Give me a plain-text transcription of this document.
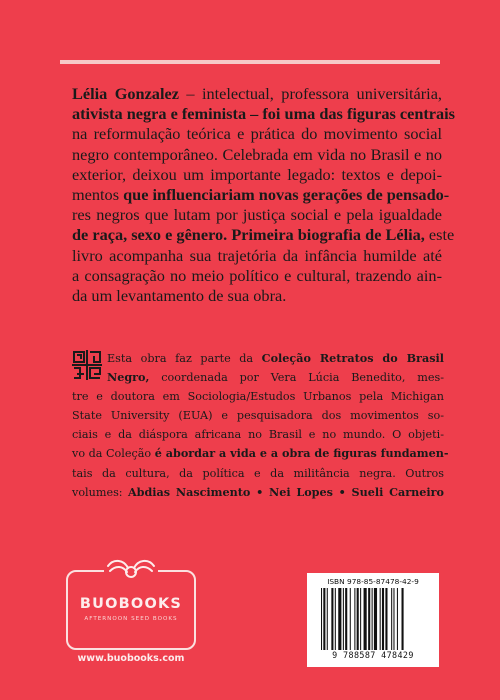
Lélia Gonzalez – intelectual, professora universitária,
ativista negra e feminista – foi uma das figuras centrais
na reformulação teórica e prática do movimento social
negro contemporâneo. Celebrada em vida no Brasil e no
exterior, deixou um importante legado: textos e depoi-
mentos que influenciariam novas gerações de pensado-
res negros que lutam por justiça social e pela igualdade
de raça, sexo e gênero. Primeira biografia de Lélia, este
livro acompanha sua trajetória da infância humilde até
a consagração no meio político e cultural, trazendo ain-
da um levantamento de sua obra.

Esta obra faz parte da Coleção Retratos do Brasil
Negro, coordenada por Vera Lúcia Benedito, mes-
tre e doutora em Sociologia/Estudos Urbanos pela Michigan
State University (EUA) e pesquisadora dos movimentos so-
ciais e da diáspora africana no Brasil e no mundo. O objeti-
vo da Coleção é abordar a vida e a obra de figuras fundamen-
tais da cultura, da política e da militância negra. Outros
volumes: Abdias Nascimento • Nei Lopes • Sueli Carneiro

BUOBOOKS
AFTERNOON SEED BOOKS
www.buobooks.com
ISBN 978-85-87478-42-9
9 788587 478429
